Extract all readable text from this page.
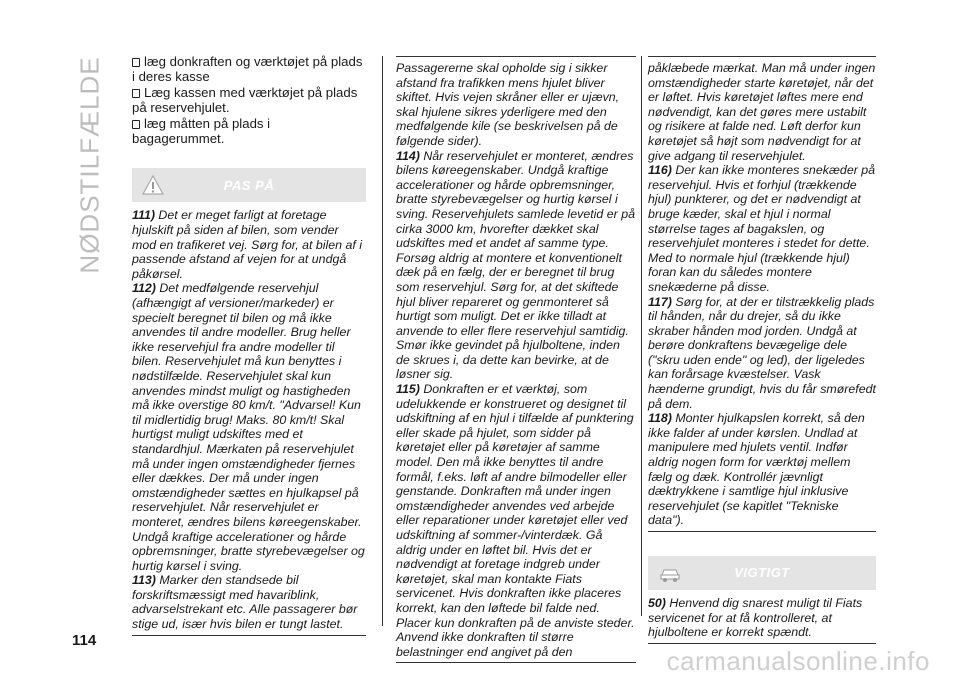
NØDSTILFÆLDE
114

læg donkraften og værktøjet på plads i deres kasse

Læg kassen med værktøjet på plads på reservehjulet.

læg måtten på plads i bagagerummet.

PAS PÅ

111) Det er meget farligt at foretage hjulskift på siden af bilen, som vender mod en trafikeret vej. Sørg for, at bilen af i passende afstand af vejen for at undgå påkørsel.

112) Det medfølgende reservehjul (afhængigt af versioner/markeder) er specielt beregnet til bilen og må ikke anvendes til andre modeller. Brug heller ikke reservehjul fra andre modeller til bilen. Reservehjulet må kun benyttes i nødstilfælde. Reservehjulet skal kun anvendes mindst muligt og hastigheden må ikke overstige 80 km/t. "Advarsel! Kun til midlertidig brug! Maks. 80 km/t! Skal hurtigst muligt udskiftes med et standardhjul. Mærkaten på reservehjulet må under ingen omstændigheder fjernes eller dækkes. Der må under ingen omstændigheder sættes en hjulkapsel på reservehjulet. Når reservehjulet er monteret, ændres bilens køreegenskaber. Undgå kraftige accelerationer og hårde opbremsninger, bratte styrebevægelser og hurtig kørsel i sving.

113) Marker den standsede bil forskriftsmæssigt med havariblink, advarselstrekant etc. Alle passagerer bør stige ud, især hvis bilen er tungt lastet.

Passagererne skal opholde sig i sikker afstand fra trafikken mens hjulet bliver skiftet. Hvis vejen skråner eller er ujævn, skal hjulene sikres yderligere med den medfølgende kile (se beskrivelsen på de følgende sider).

114) Når reservehjulet er monteret, ændres bilens køreegenskaber. Undgå kraftige accelerationer og hårde opbremsninger, bratte styrebevægelser og hurtig kørsel i sving. Reservehjulets samlede levetid er på cirka 3000 km, hvorefter dækket skal udskiftes med et andet af samme type. Forsøg aldrig at montere et konventionelt dæk på en fælg, der er beregnet til brug som reservehjul. Sørg for, at det skiftede hjul bliver repareret og genmonteret så hurtigt som muligt. Det er ikke tilladt at anvende to eller flere reservehjul samtidig. Smør ikke gevindet på hjulboltene, inden de skrues i, da dette kan bevirke, at de løsner sig.

115) Donkraften er et værktøj, som udelukkende er konstrueret og designet til udskiftning af en hjul i tilfælde af punktering eller skade på hjulet, som sidder på køretøjet eller på køretøjer af samme model. Den må ikke benyttes til andre formål, f.eks. løft af andre bilmodeller eller genstande. Donkraften må under ingen omstændigheder anvendes ved arbejde eller reparationer under køretøjet eller ved udskiftning af sommer-/vinterdæk. Gå aldrig under en løftet bil. Hvis det er nødvendigt at foretage indgreb under køretøjet, skal man kontakte Fiats servicenet. Hvis donkraften ikke placeres korrekt, kan den løftede bil falde ned. Placer kun donkraften på de anviste steder. Anvend ikke donkraften til større belastninger end angivet på den

påklæbede mærkat. Man må under ingen omstændigheder starte køretøjet, når det er løftet. Hvis køretøjet løftes mere end nødvendigt, kan det gøres mere ustabilt og risikere at falde ned. Løft derfor kun køretøjet så højt som nødvendigt for at give adgang til reservehjulet.

116) Der kan ikke monteres snekæder på reservehjul. Hvis et forhjul (trækkende hjul) punkterer, og det er nødvendigt at bruge kæder, skal et hjul i normal størrelse tages af bagakslen, og reservehjulet monteres i stedet for dette. Med to normale hjul (trækkende hjul) foran kan du således montere snekæderne på disse.

117) Sørg for, at der er tilstrækkelig plads til hånden, når du drejer, så du ikke skraber hånden mod jorden. Undgå at berøre donkraftens bevægelige dele ("skru uden ende" og led), der ligeledes kan forårsage kvæstelser. Vask hænderne grundigt, hvis du får smørefedt på dem.

118) Monter hjulkapslen korrekt, så den ikke falder af under kørslen. Undlad at manipulere med hjulets ventil. Indfør aldrig nogen form for værktøj mellem fælg og dæk. Kontrollér jævnligt dæktrykkene i samtlige hjul inklusive reservehjulet (se kapitlet "Tekniske data").

VIGTIGT

50) Henvend dig snarest muligt til Fiats servicenet for at få kontrolleret, at hjulboltene er korrekt spændt.

carmanualsonline.info
